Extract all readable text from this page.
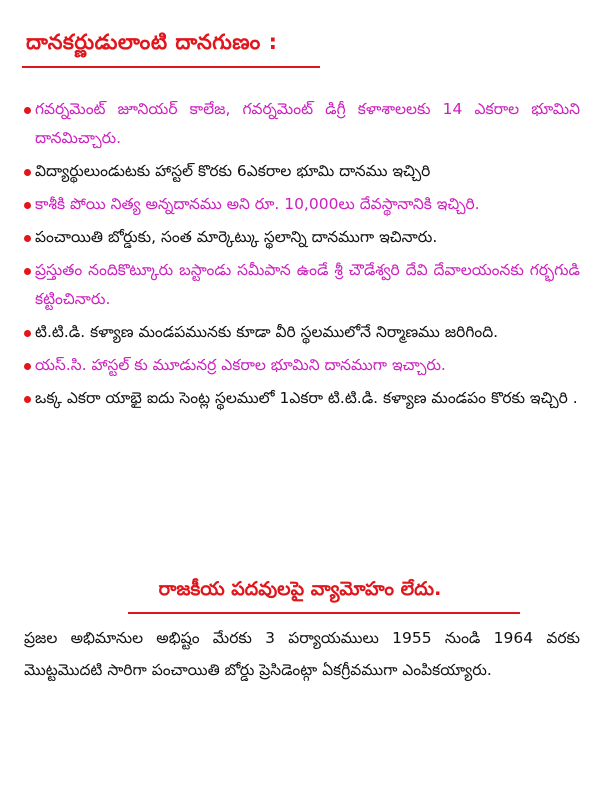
దానకర్ణుడులాంటి దానగుణం :
గవర్నమెంట్ జూనియర్ కాలేజ, గవర్నమెంట్ డిగ్రీ కళాశాలలకు 14 ఎకరాల భూమిని దానమిచ్చారు.
విద్యార్థులుండుటకు హాస్టల్ కొరకు 6ఎకరాల భూమి దానము ఇచ్చిరి
కాశీకి పోయి నిత్య అన్నదానము అని రూ. 10,000లు దేవస్థానానికి ఇచ్చిరి.
పంచాయితి బోర్డుకు, సంత మార్కెట్కు స్థలాన్ని దానముగా ఇచినారు.
ప్రస్తుతం నందికొట్కూరు బస్టాండు సమీపాన ఉండే శ్రీ చౌడేశ్వరి దేవి దేవాలయంనకు గర్భగుడి కట్టించినారు.
టి.టి.డి. కళ్యాణ మండపమునకు కూడా వీరి స్థలములోనే నిర్మాణము జరిగింది.
యస్.సి. హాస్టల్ కు మూడునర్ర ఎకరాల భూమిని దానముగా ఇచ్చారు.
ఒక్క ఎకరా యాభై ఐదు సెంట్ల స్థలములో 1ఎకరా టి.టి.డి. కళ్యాణ మండపం కొరకు ఇచ్చిరి .
రాజకీయ పదవులపై వ్యామోహం లేదు.
ప్రజల అభిమానుల అభిష్టం మేరకు 3 పర్యాయములు 1955 నుండి 1964 వరకు మొట్టమొదటి సారిగా పంచాయితి బోర్డు ప్రెసిడెంట్గా ఏకగ్రీవముగా ఎంపికయ్యారు.
